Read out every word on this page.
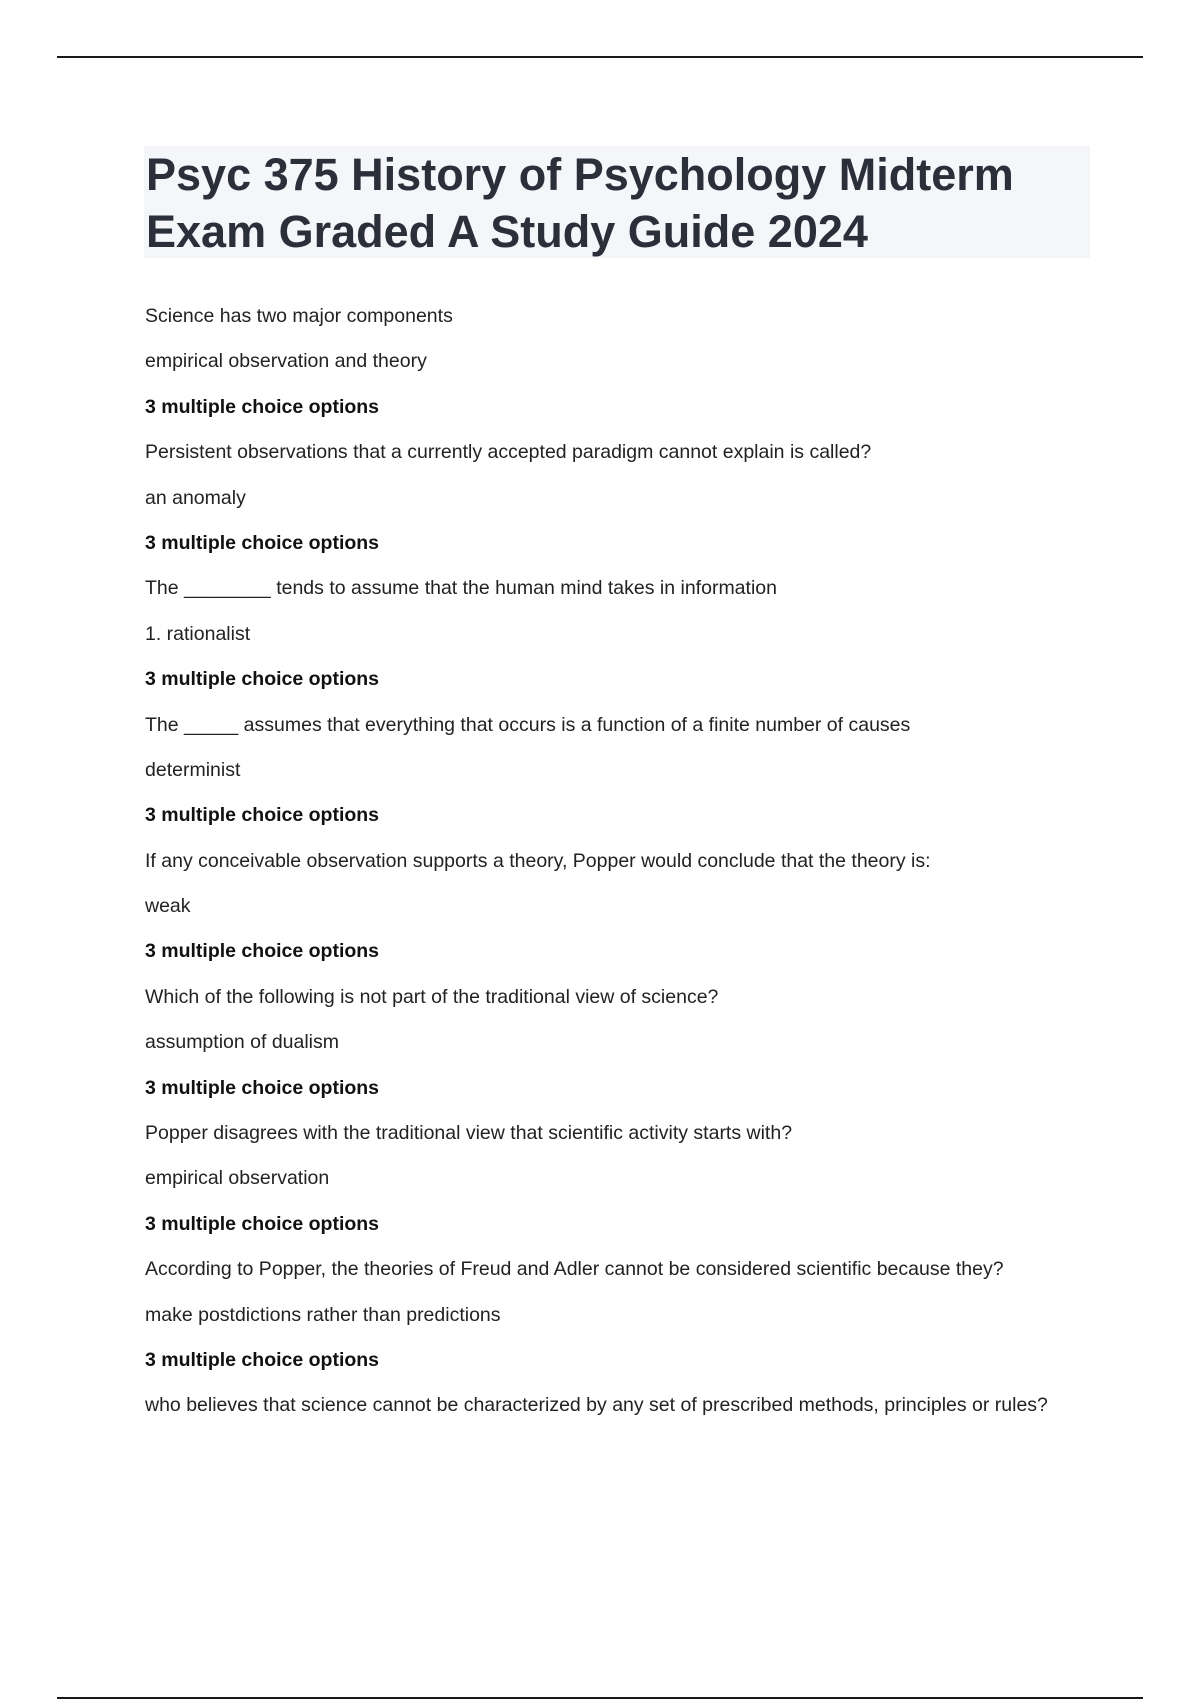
Psyc 375 History of Psychology Midterm
Exam Graded A Study Guide 2024
Science has two major components
empirical observation and theory
3 multiple choice options
Persistent observations that a currently accepted paradigm cannot explain is called?
an anomaly
3 multiple choice options
The ________ tends to assume that the human mind takes in information
1. rationalist
3 multiple choice options
The _____ assumes that everything that occurs is a function of a finite number of causes
determinist
3 multiple choice options
If any conceivable observation supports a theory, Popper would conclude that the theory is:
weak
3 multiple choice options
Which of the following is not part of the traditional view of science?
assumption of dualism
3 multiple choice options
Popper disagrees with the traditional view that scientific activity starts with?
empirical observation
3 multiple choice options
According to Popper, the theories of Freud and Adler cannot be considered scientific because they?
make postdictions rather than predictions
3 multiple choice options
who believes that science cannot be characterized by any set of prescribed methods, principles or rules?
